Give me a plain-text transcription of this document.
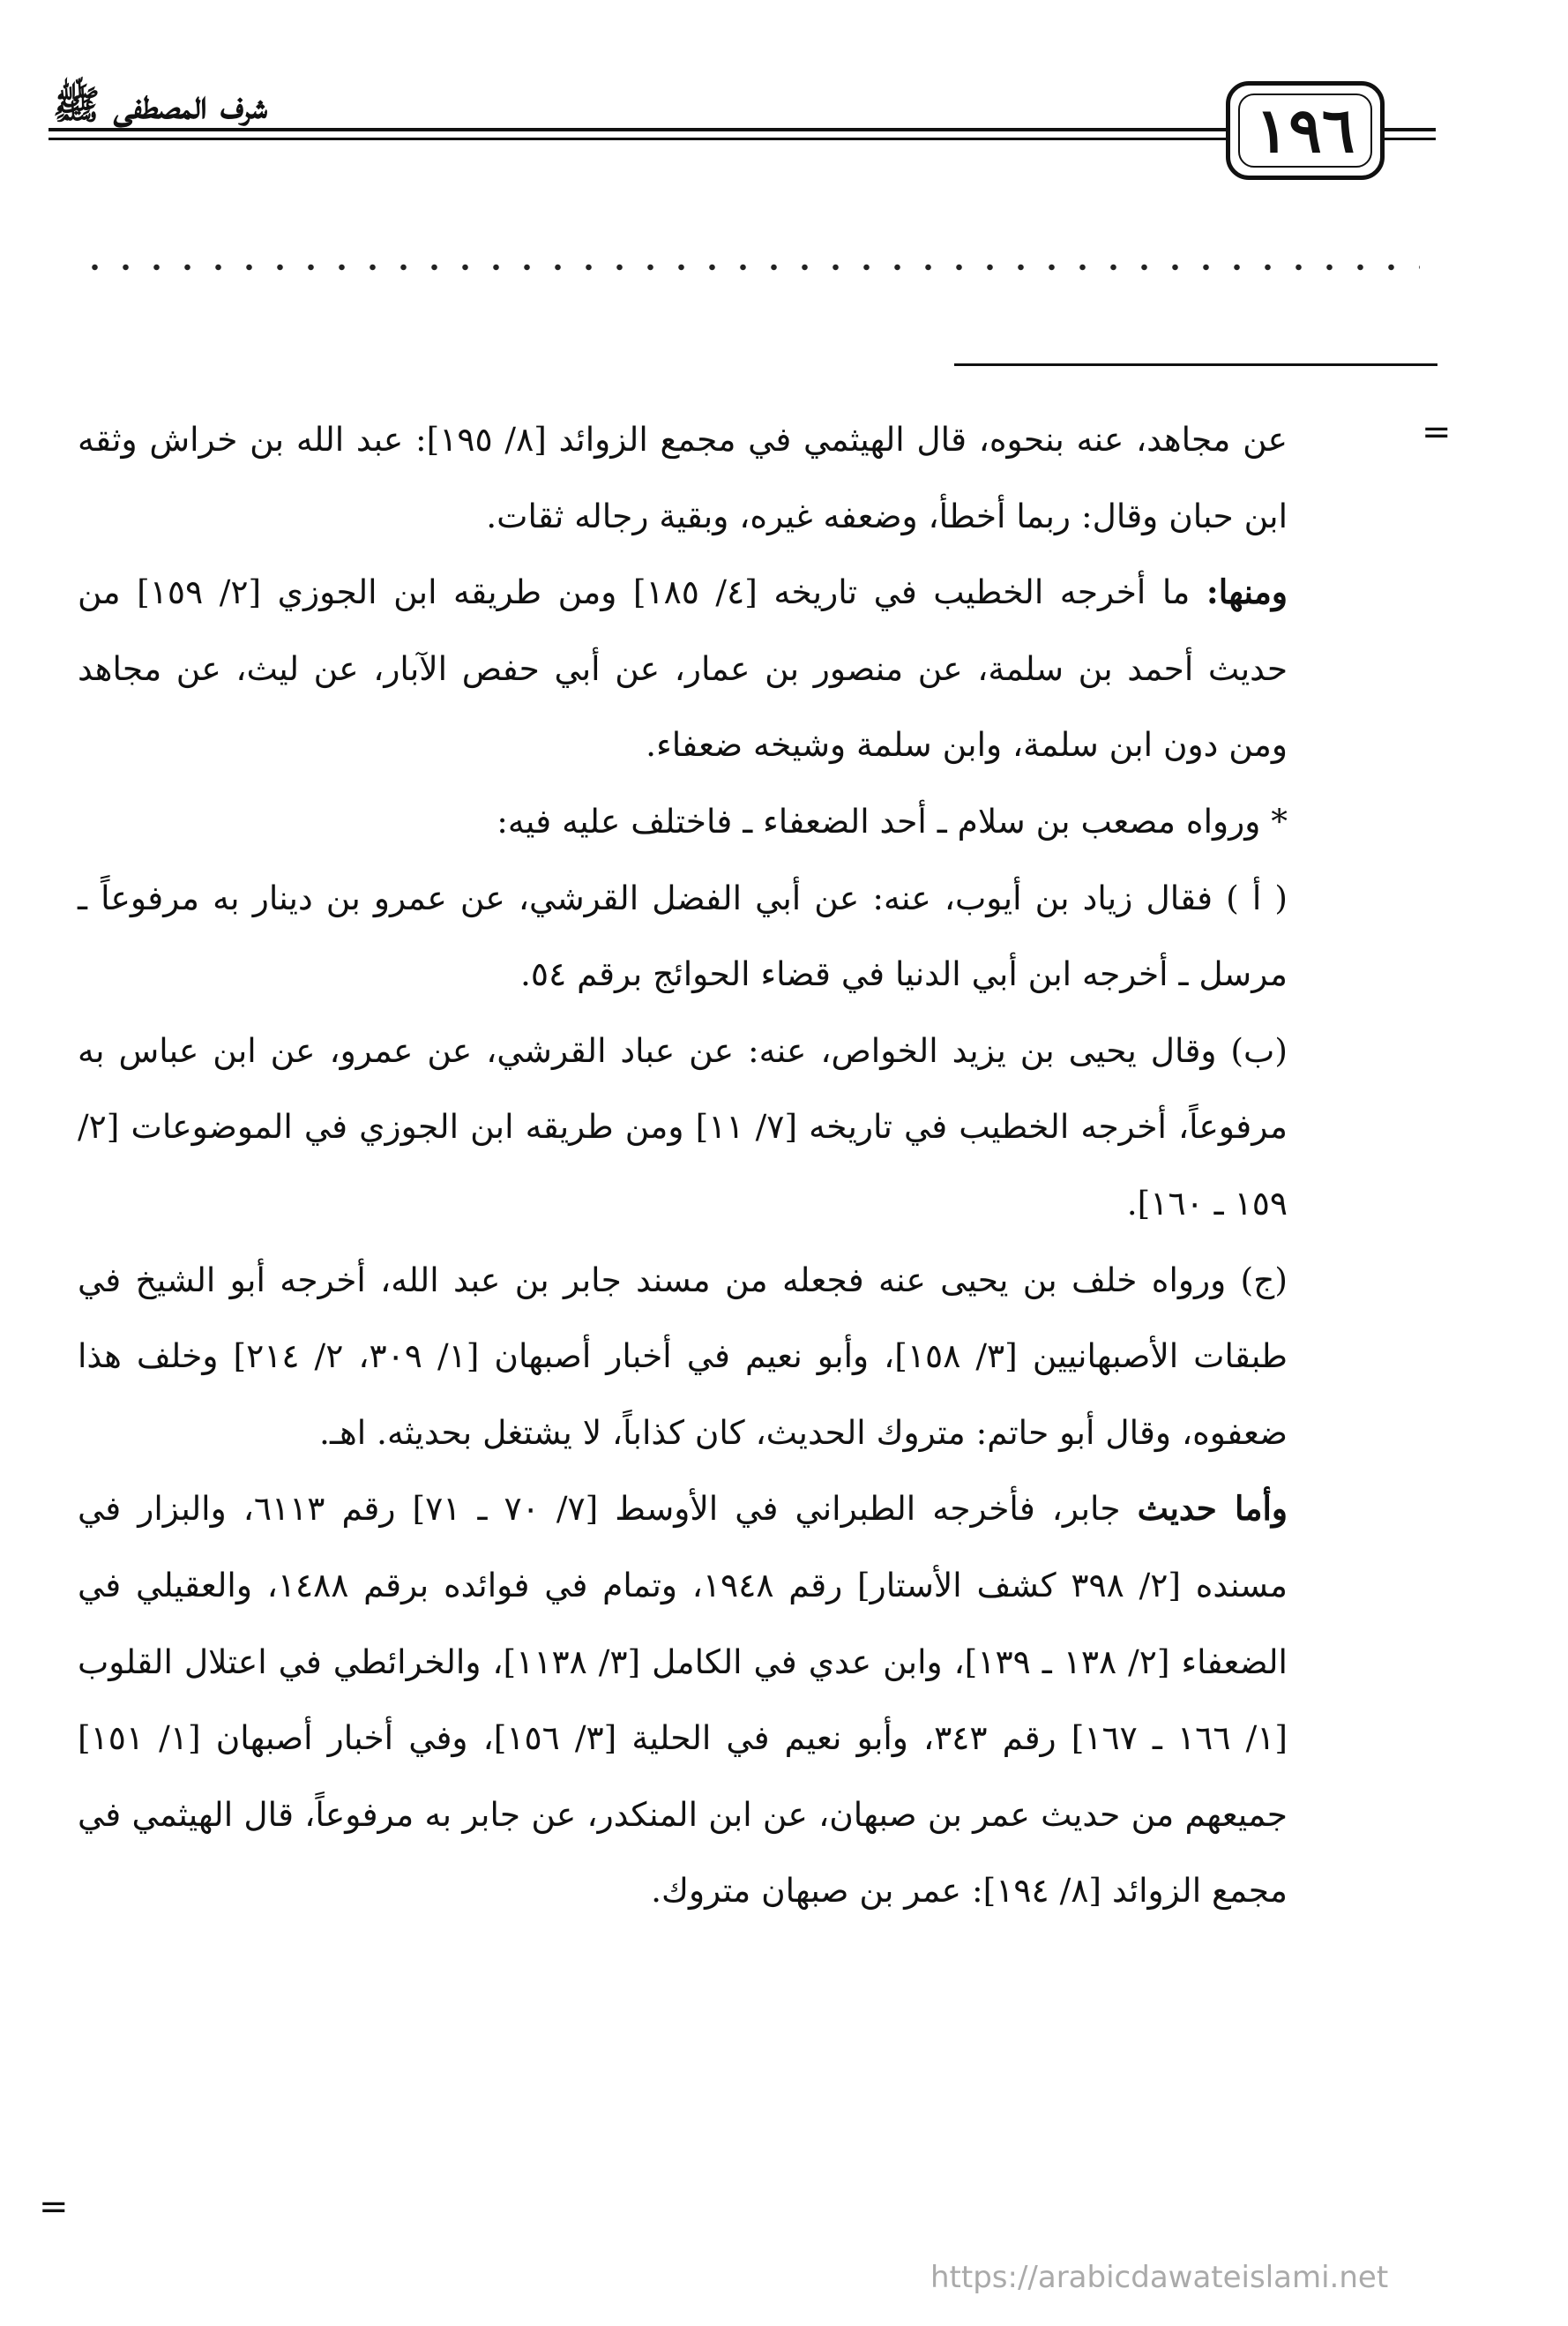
١٩٦
شرف المصطفى ﷺ
=
=

عن مجاهد، عنه بنحوه، قال الهيثمي في مجمع الزوائد [٨/ ١٩٥]: عبد الله بن خراش وثقه ابن حبان وقال: ربما أخطأ، وضعفه غيره، وبقية رجاله ثقات.

ومنها: ما أخرجه الخطيب في تاريخه [٤/ ١٨٥] ومن طريقه ابن الجوزي [٢/ ١٥٩] من حديث أحمد بن سلمة، عن منصور بن عمار، عن أبي حفص الآبار، عن ليث، عن مجاهد ومن دون ابن سلمة، وابن سلمة وشيخه ضعفاء.

* ورواه مصعب بن سلام ـ أحد الضعفاء ـ فاختلف عليه فيه:

( أ ) فقال زياد بن أيوب، عنه: عن أبي الفضل القرشي، عن عمرو بن دينار به مرفوعاً ـ مرسل ـ أخرجه ابن أبي الدنيا في قضاء الحوائج برقم ٥٤.

(ب) وقال يحيى بن يزيد الخواص، عنه: عن عباد القرشي، عن عمرو، عن ابن عباس به مرفوعاً، أخرجه الخطيب في تاريخه [٧/ ١١] ومن طريقه ابن الجوزي في الموضوعات [٢/ ١٥٩ ـ ١٦٠].

(ج) ورواه خلف بن يحيى عنه فجعله من مسند جابر بن عبد الله، أخرجه أبو الشيخ في طبقات الأصبهانيين [٣/ ١٥٨]، وأبو نعيم في أخبار أصبهان [١/ ٣٠٩، ٢/ ٢١٤] وخلف هذا ضعفوه، وقال أبو حاتم: متروك الحديث، كان كذاباً، لا يشتغل بحديثه. اهـ.

وأما حديث جابر، فأخرجه الطبراني في الأوسط [٧/ ٧٠ ـ ٧١] رقم ٦١١٣، والبزار في مسنده [٢/ ٣٩٨ كشف الأستار] رقم ١٩٤٨، وتمام في فوائده برقم ١٤٨٨، والعقيلي في الضعفاء [٢/ ١٣٨ ـ ١٣٩]، وابن عدي في الكامل [٣/ ١١٣٨]، والخرائطي في اعتلال القلوب [١/ ١٦٦ ـ ١٦٧] رقم ٣٤٣، وأبو نعيم في الحلية [٣/ ١٥٦]، وفي أخبار أصبهان [١/ ١٥١] جميعهم من حديث عمر بن صبهان، عن ابن المنكدر، عن جابر به مرفوعاً، قال الهيثمي في مجمع الزوائد [٨/ ١٩٤]: عمر بن صبهان متروك.

https://arabicdawateislami.net
